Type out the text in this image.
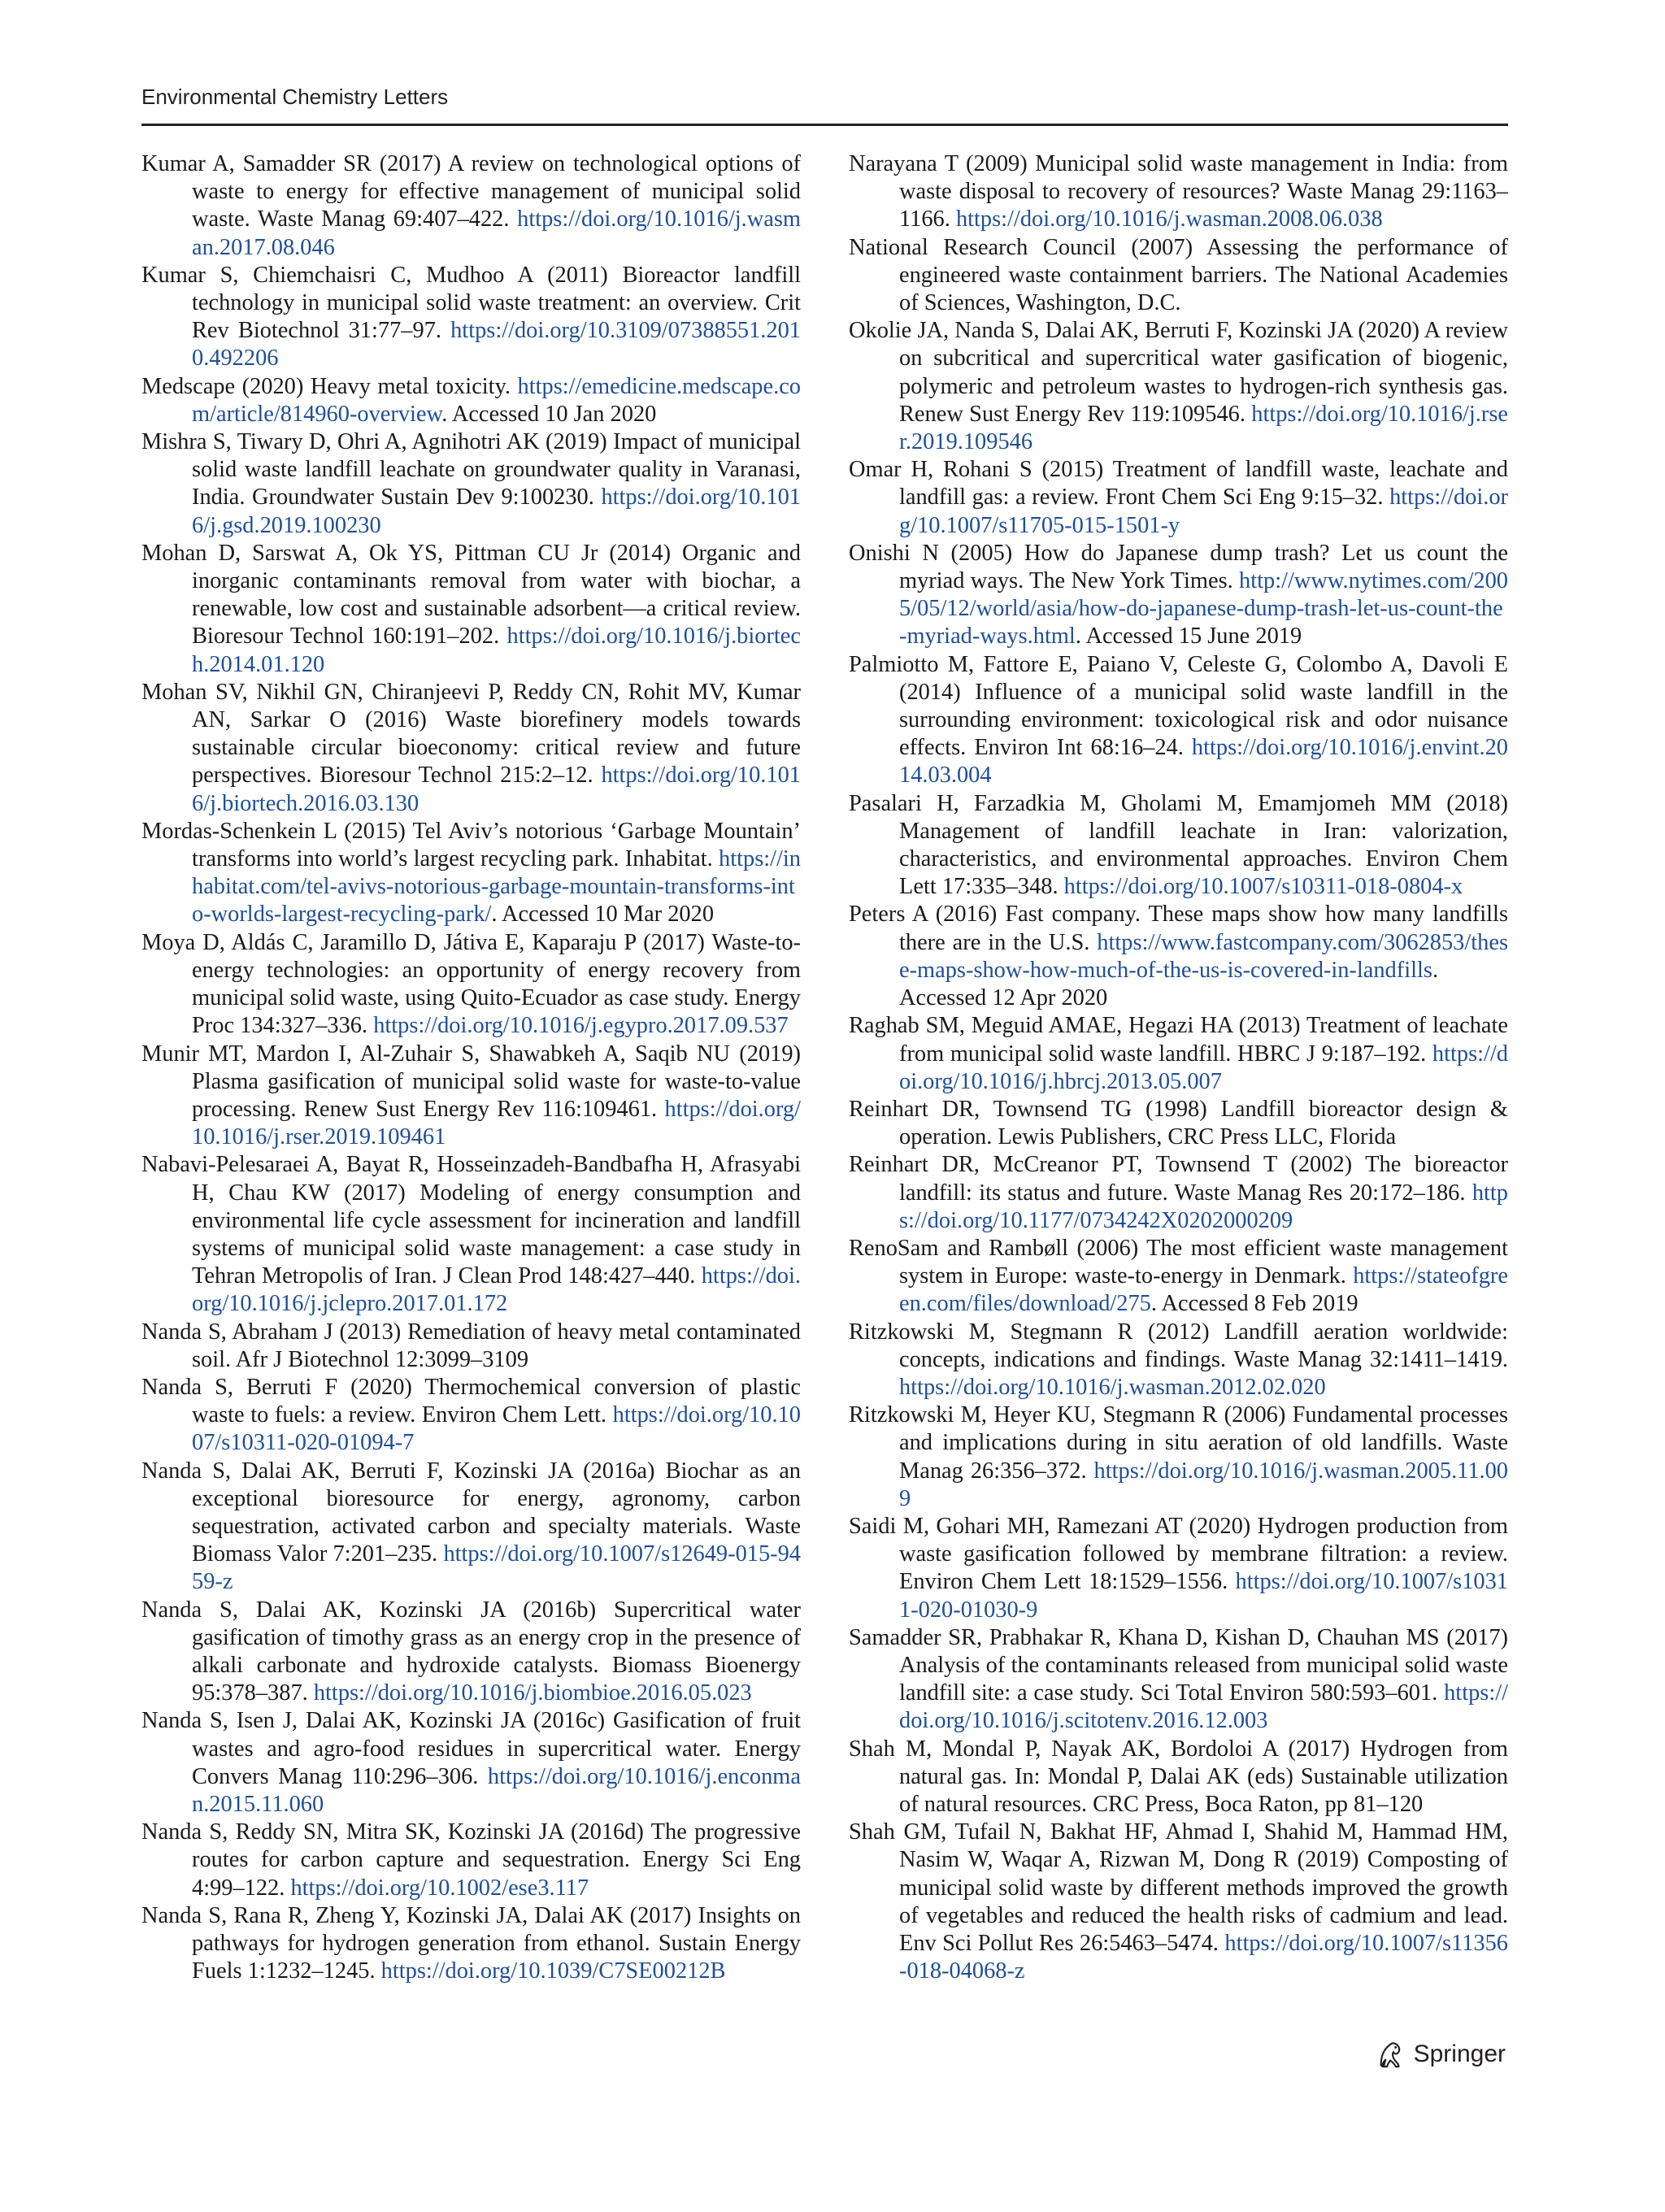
Environmental Chemistry Letters

Kumar A, Samadder SR (2017) A review on technological options of waste to energy for effective management of municipal solid waste. Waste Manag 69:407–422. https://doi.org/10.1016/j.wasman.2017.08.046

Kumar S, Chiemchaisri C, Mudhoo A (2011) Bioreactor landfill technology in municipal solid waste treatment: an overview. Crit Rev Biotechnol 31:77–97. https://doi.org/10.3109/07388551.2010.492206

Medscape (2020) Heavy metal toxicity. https://emedicine.medscape.com/article/814960-overview. Accessed 10 Jan 2020

Mishra S, Tiwary D, Ohri A, Agnihotri AK (2019) Impact of municipal solid waste landfill leachate on groundwater quality in Varanasi, India. Groundwater Sustain Dev 9:100230. https://doi.org/10.1016/j.gsd.2019.100230

Mohan D, Sarswat A, Ok YS, Pittman CU Jr (2014) Organic and inorganic contaminants removal from water with biochar, a renewable, low cost and sustainable adsorbent—a critical review. Bioresour Technol 160:191–202. https://doi.org/10.1016/j.biortech.2014.01.120

Mohan SV, Nikhil GN, Chiranjeevi P, Reddy CN, Rohit MV, Kumar AN, Sarkar O (2016) Waste biorefinery models towards sustainable circular bioeconomy: critical review and future perspectives. Bioresour Technol 215:2–12. https://doi.org/10.1016/j.biortech.2016.03.130

Mordas-Schenkein L (2015) Tel Aviv’s notorious ‘Garbage Mountain’ transforms into world’s largest recycling park. Inhabitat. https://inhabitat.com/tel-avivs-notorious-garbage-mountain-transforms-into-worlds-largest-recycling-park/. Accessed 10 Mar 2020

Moya D, Aldás C, Jaramillo D, Játiva E, Kaparaju P (2017) Waste-to-energy technologies: an opportunity of energy recovery from municipal solid waste, using Quito-Ecuador as case study. Energy Proc 134:327–336. https://doi.org/10.1016/j.egypro.2017.09.537

Munir MT, Mardon I, Al-Zuhair S, Shawabkeh A, Saqib NU (2019) Plasma gasification of municipal solid waste for waste-to-value processing. Renew Sust Energy Rev 116:109461. https://doi.org/10.1016/j.rser.2019.109461

Nabavi-Pelesaraei A, Bayat R, Hosseinzadeh-Bandbafha H, Afrasyabi H, Chau KW (2017) Modeling of energy consumption and environmental life cycle assessment for incineration and landfill systems of municipal solid waste management: a case study in Tehran Metropolis of Iran. J Clean Prod 148:427–440. https://doi.org/10.1016/j.jclepro.2017.01.172

Nanda S, Abraham J (2013) Remediation of heavy metal contaminated soil. Afr J Biotechnol 12:3099–3109

Nanda S, Berruti F (2020) Thermochemical conversion of plastic waste to fuels: a review. Environ Chem Lett. https://doi.org/10.1007/s10311-020-01094-7

Nanda S, Dalai AK, Berruti F, Kozinski JA (2016a) Biochar as an exceptional bioresource for energy, agronomy, carbon sequestration, activated carbon and specialty materials. Waste Biomass Valor 7:201–235. https://doi.org/10.1007/s12649-015-9459-z

Nanda S, Dalai AK, Kozinski JA (2016b) Supercritical water gasification of timothy grass as an energy crop in the presence of alkali carbonate and hydroxide catalysts. Biomass Bioenergy 95:378–387. https://doi.org/10.1016/j.biombioe.2016.05.023

Nanda S, Isen J, Dalai AK, Kozinski JA (2016c) Gasification of fruit wastes and agro-food residues in supercritical water. Energy Convers Manag 110:296–306. https://doi.org/10.1016/j.enconman.2015.11.060

Nanda S, Reddy SN, Mitra SK, Kozinski JA (2016d) The progressive routes for carbon capture and sequestration. Energy Sci Eng 4:99–122. https://doi.org/10.1002/ese3.117

Nanda S, Rana R, Zheng Y, Kozinski JA, Dalai AK (2017) Insights on pathways for hydrogen generation from ethanol. Sustain Energy Fuels 1:1232–1245. https://doi.org/10.1039/C7SE00212B

Narayana T (2009) Municipal solid waste management in India: from waste disposal to recovery of resources? Waste Manag 29:1163–1166. https://doi.org/10.1016/j.wasman.2008.06.038

National Research Council (2007) Assessing the performance of engineered waste containment barriers. The National Academies of Sciences, Washington, D.C.

Okolie JA, Nanda S, Dalai AK, Berruti F, Kozinski JA (2020) A review on subcritical and supercritical water gasification of biogenic, polymeric and petroleum wastes to hydrogen-rich synthesis gas. Renew Sust Energy Rev 119:109546. https://doi.org/10.1016/j.rser.2019.109546

Omar H, Rohani S (2015) Treatment of landfill waste, leachate and landfill gas: a review. Front Chem Sci Eng 9:15–32. https://doi.org/10.1007/s11705-015-1501-y

Onishi N (2005) How do Japanese dump trash? Let us count the myriad ways. The New York Times. http://www.nytimes.com/2005/05/12/world/asia/how-do-japanese-dump-trash-let-us-count-the-myriad-ways.html. Accessed 15 June 2019

Palmiotto M, Fattore E, Paiano V, Celeste G, Colombo A, Davoli E (2014) Influence of a municipal solid waste landfill in the surrounding environment: toxicological risk and odor nuisance effects. Environ Int 68:16–24. https://doi.org/10.1016/j.envint.2014.03.004

Pasalari H, Farzadkia M, Gholami M, Emamjomeh MM (2018) Management of landfill leachate in Iran: valorization, characteristics, and environmental approaches. Environ Chem Lett 17:335–348. https://doi.org/10.1007/s10311-018-0804-x

Peters A (2016) Fast company. These maps show how many landfills there are in the U.S. https://www.fastcompany.com/3062853/these-maps-show-how-much-of-the-us-is-covered-in-landfills. Accessed 12 Apr 2020

Raghab SM, Meguid AMAE, Hegazi HA (2013) Treatment of leachate from municipal solid waste landfill. HBRC J 9:187–192. https://doi.org/10.1016/j.hbrcj.2013.05.007

Reinhart DR, Townsend TG (1998) Landfill bioreactor design & operation. Lewis Publishers, CRC Press LLC, Florida

Reinhart DR, McCreanor PT, Townsend T (2002) The bioreactor landfill: its status and future. Waste Manag Res 20:172–186. https://doi.org/10.1177/0734242X0202000209

RenoSam and Rambøll (2006) The most efficient waste management system in Europe: waste-to-energy in Denmark. https://stateofgreen.com/files/download/275. Accessed 8 Feb 2019

Ritzkowski M, Stegmann R (2012) Landfill aeration worldwide: concepts, indications and findings. Waste Manag 32:1411–1419. https://doi.org/10.1016/j.wasman.2012.02.020

Ritzkowski M, Heyer KU, Stegmann R (2006) Fundamental processes and implications during in situ aeration of old landfills. Waste Manag 26:356–372. https://doi.org/10.1016/j.wasman.2005.11.009

Saidi M, Gohari MH, Ramezani AT (2020) Hydrogen production from waste gasification followed by membrane filtration: a review. Environ Chem Lett 18:1529–1556. https://doi.org/10.1007/s10311-020-01030-9

Samadder SR, Prabhakar R, Khana D, Kishan D, Chauhan MS (2017) Analysis of the contaminants released from municipal solid waste landfill site: a case study. Sci Total Environ 580:593–601. https://doi.org/10.1016/j.scitotenv.2016.12.003

Shah M, Mondal P, Nayak AK, Bordoloi A (2017) Hydrogen from natural gas. In: Mondal P, Dalai AK (eds) Sustainable utilization of natural resources. CRC Press, Boca Raton, pp 81–120

Shah GM, Tufail N, Bakhat HF, Ahmad I, Shahid M, Hammad HM, Nasim W, Waqar A, Rizwan M, Dong R (2019) Composting of municipal solid waste by different methods improved the growth of vegetables and reduced the health risks of cadmium and lead. Env Sci Pollut Res 26:5463–5474. https://doi.org/10.1007/s11356-018-04068-z

Springer
